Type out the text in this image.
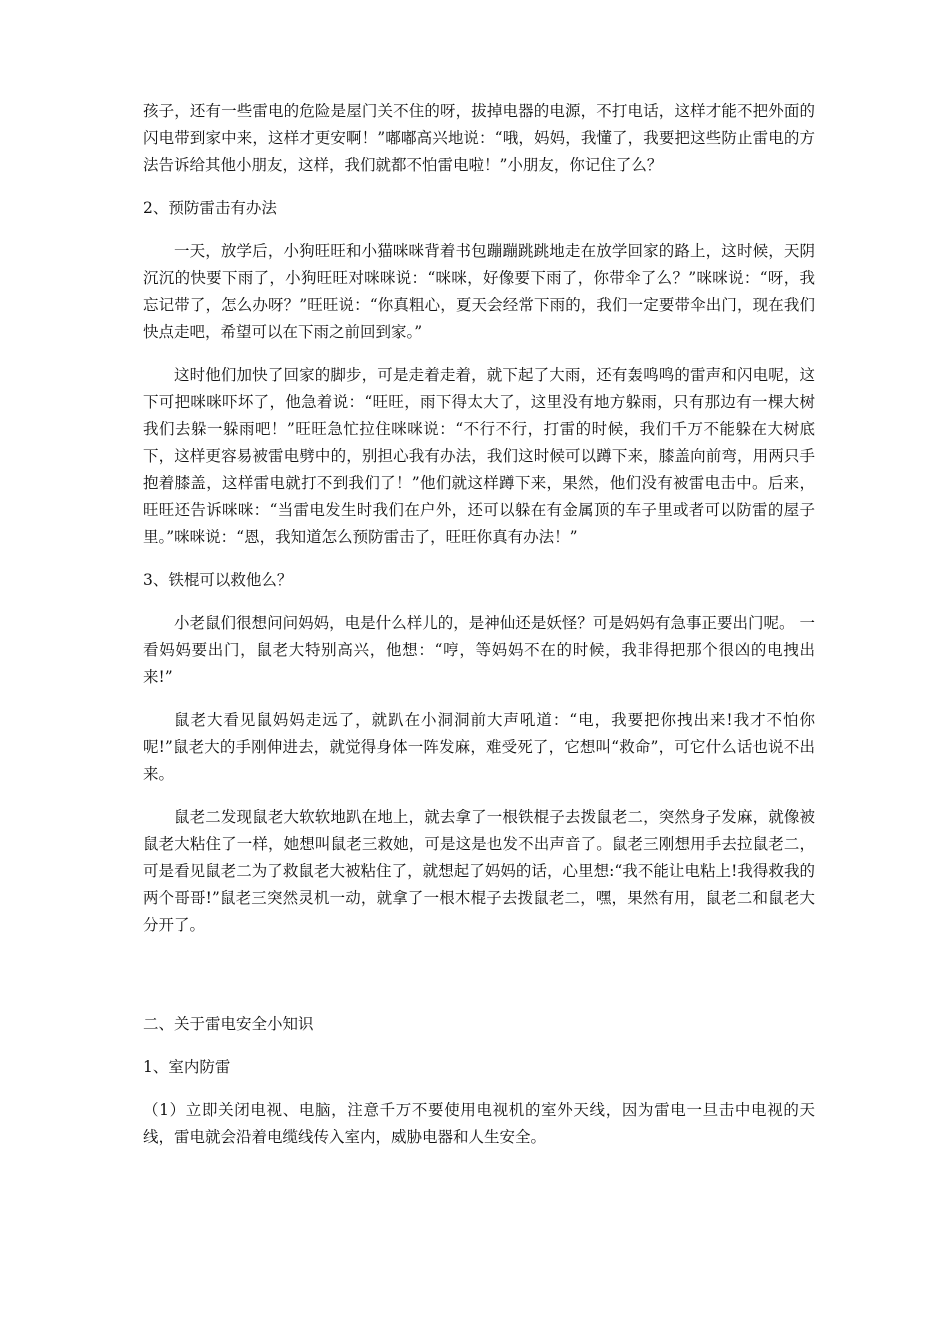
孩子，还有一些雷电的危险是屋门关不住的呀，拔掉电器的电源，不打电话，这样才能不把外面的闪电带到家中来，这样才更安啊！”嘟嘟高兴地说：“哦，妈妈，我懂了，我要把这些防止雷电的方法告诉给其他小朋友，这样，我们就都不怕雷电啦！”小朋友，你记住了么？

2、预防雷击有办法

一天，放学后，小狗旺旺和小猫咪咪背着书包蹦蹦跳跳地走在放学回家的路上，这时候，天阴沉沉的快要下雨了，小狗旺旺对咪咪说：“咪咪，好像要下雨了，你带伞了么？”咪咪说：“呀，我忘记带了，怎么办呀？”旺旺说：“你真粗心，夏天会经常下雨的，我们一定要带伞出门，现在我们快点走吧，希望可以在下雨之前回到家。”

这时他们加快了回家的脚步，可是走着走着，就下起了大雨，还有轰鸣鸣的雷声和闪电呢，这下可把咪咪吓坏了，他急着说：“旺旺，雨下得太大了，这里没有地方躲雨，只有那边有一棵大树我们去躲一躲雨吧！”旺旺急忙拉住咪咪说：“不行不行，打雷的时候，我们千万不能躲在大树底下，这样更容易被雷电劈中的，别担心我有办法，我们这时候可以蹲下来，膝盖向前弯，用两只手抱着膝盖，这样雷电就打不到我们了！”他们就这样蹲下来，果然，他们没有被雷电击中。后来，旺旺还告诉咪咪：“当雷电发生时我们在户外，还可以躲在有金属顶的车子里或者可以防雷的屋子里。”咪咪说：“恩，我知道怎么预防雷击了，旺旺你真有办法！”

3、铁棍可以救他么？

小老鼠们很想问问妈妈，电是什么样儿的，是神仙还是妖怪？可是妈妈有急事正要出门呢。 一看妈妈要出门，鼠老大特别高兴，他想：“哼，等妈妈不在的时候，我非得把那个很凶的电拽出来!”

鼠老大看见鼠妈妈走远了，就趴在小洞洞前大声吼道：“电，我要把你拽出来!我才不怕你呢!”鼠老大的手刚伸进去，就觉得身体一阵发麻，难受死了，它想叫“救命”，可它什么话也说不出来。

鼠老二发现鼠老大软软地趴在地上，就去拿了一根铁棍子去拨鼠老二，突然身子发麻，就像被鼠老大粘住了一样，她想叫鼠老三救她，可是这是也发不出声音了。鼠老三刚想用手去拉鼠老二，可是看见鼠老二为了救鼠老大被粘住了，就想起了妈妈的话，心里想:“我不能让电粘上!我得救我的两个哥哥!”鼠老三突然灵机一动，就拿了一根木棍子去拨鼠老二，嘿，果然有用，鼠老二和鼠老大分开了。

二、关于雷电安全小知识

1、室内防雷

（1）立即关闭电视、电脑，注意千万不要使用电视机的室外天线，因为雷电一旦击中电视的天线，雷电就会沿着电缆线传入室内，威胁电器和人生安全。
